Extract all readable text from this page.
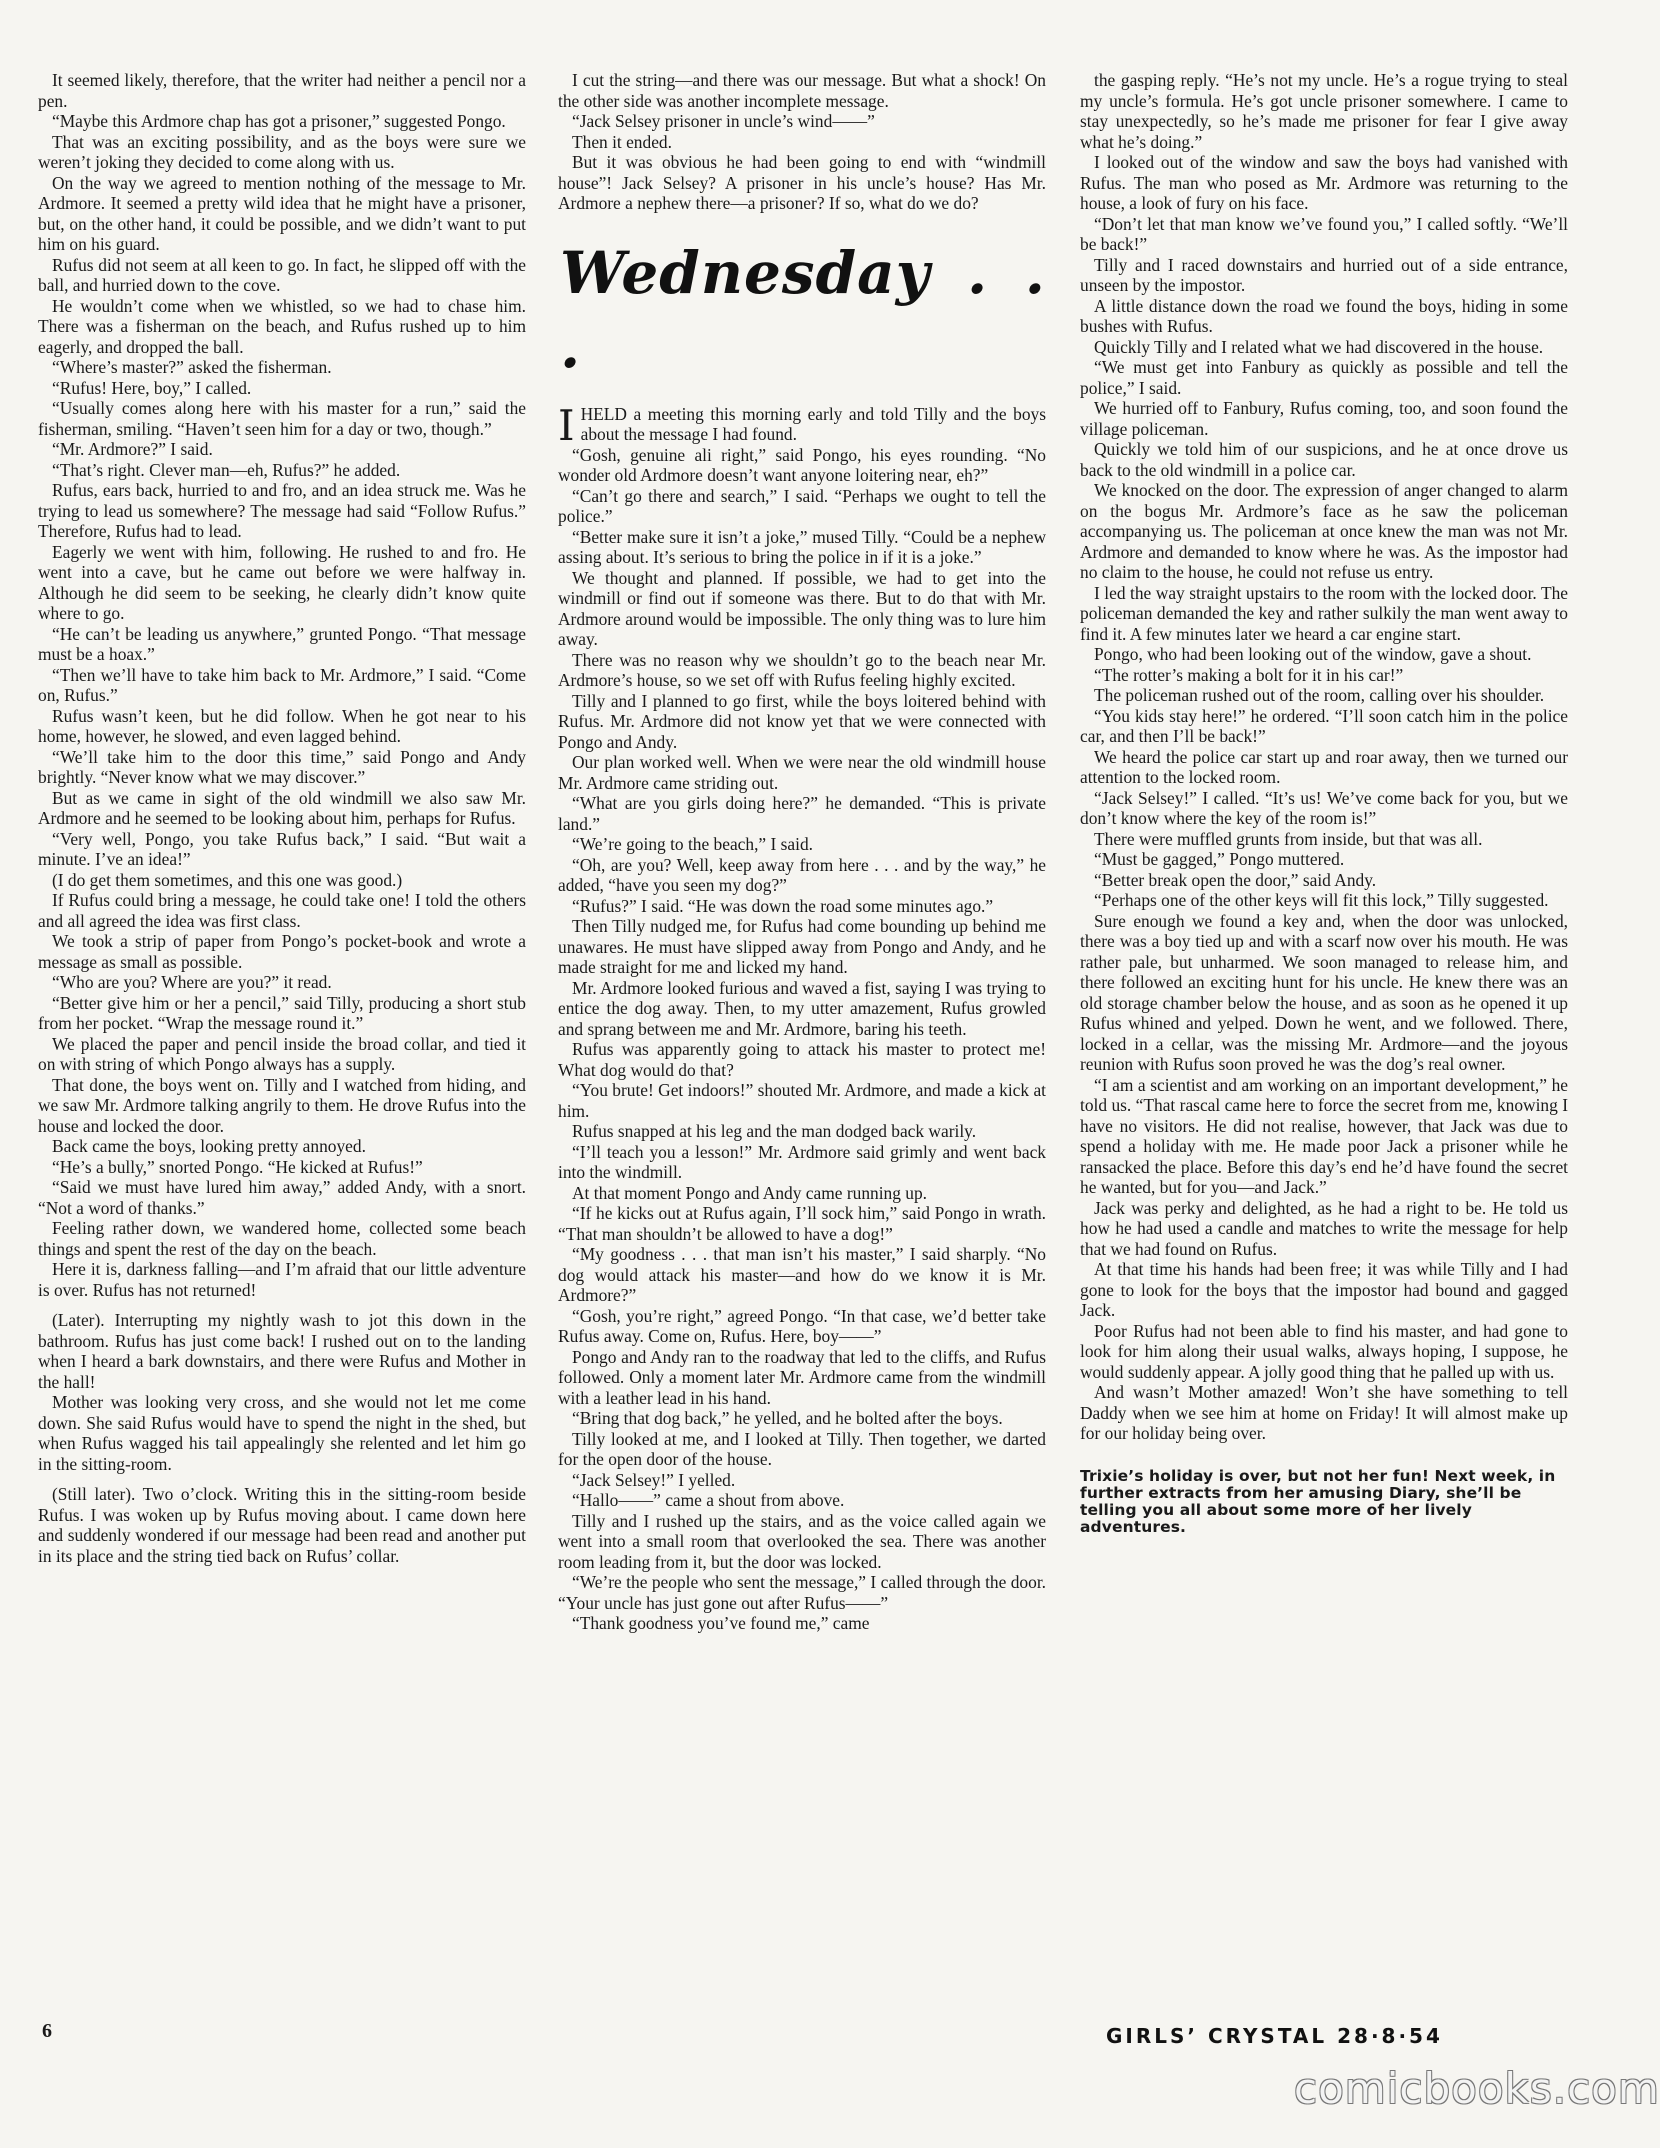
It seemed likely, therefore, that the writer had neither a pencil nor a pen.

“Maybe this Ardmore chap has got a prisoner,” suggested Pongo.

That was an exciting possibility, and as the boys were sure we weren’t joking they decided to come along with us.

On the way we agreed to mention nothing of the message to Mr. Ardmore. It seemed a pretty wild idea that he might have a prisoner, but, on the other hand, it could be possible, and we didn’t want to put him on his guard.

Rufus did not seem at all keen to go. In fact, he slipped off with the ball, and hurried down to the cove.

He wouldn’t come when we whistled, so we had to chase him. There was a fisherman on the beach, and Rufus rushed up to him eagerly, and dropped the ball.

“Where’s master?” asked the fisherman.

“Rufus! Here, boy,” I called.

“Usually comes along here with his master for a run,” said the fisherman, smiling. “Haven’t seen him for a day or two, though.”

“Mr. Ardmore?” I said.

“That’s right. Clever man—eh, Rufus?” he added.

Rufus, ears back, hurried to and fro, and an idea struck me. Was he trying to lead us somewhere? The message had said “Follow Rufus.” Therefore, Rufus had to lead.

Eagerly we went with him, following. He rushed to and fro. He went into a cave, but he came out before we were halfway in. Although he did seem to be seeking, he clearly didn’t know quite where to go.

“He can’t be leading us anywhere,” grunted Pongo. “That message must be a hoax.”

“Then we’ll have to take him back to Mr. Ardmore,” I said. “Come on, Rufus.”

Rufus wasn’t keen, but he did follow. When he got near to his home, however, he slowed, and even lagged behind.

“We’ll take him to the door this time,” said Pongo and Andy brightly. “Never know what we may discover.”

But as we came in sight of the old windmill we also saw Mr. Ardmore and he seemed to be looking about him, perhaps for Rufus.

“Very well, Pongo, you take Rufus back,” I said. “But wait a minute. I’ve an idea!”

(I do get them sometimes, and this one was good.)

If Rufus could bring a message, he could take one! I told the others and all agreed the idea was first class.

We took a strip of paper from Pongo’s pocket-book and wrote a message as small as possible.

“Who are you? Where are you?” it read.

“Better give him or her a pencil,” said Tilly, producing a short stub from her pocket. “Wrap the message round it.”

We placed the paper and pencil inside the broad collar, and tied it on with string of which Pongo always has a supply.

That done, the boys went on. Tilly and I watched from hiding, and we saw Mr. Ardmore talking angrily to them. He drove Rufus into the house and locked the door.

Back came the boys, looking pretty annoyed.

“He’s a bully,” snorted Pongo. “He kicked at Rufus!”

“Said we must have lured him away,” added Andy, with a snort. “Not a word of thanks.”

Feeling rather down, we wandered home, collected some beach things and spent the rest of the day on the beach.

Here it is, darkness falling—and I’m afraid that our little adventure is over. Rufus has not returned!

(Later). Interrupting my nightly wash to jot this down in the bathroom. Rufus has just come back! I rushed out on to the landing when I heard a bark downstairs, and there were Rufus and Mother in the hall!

Mother was looking very cross, and she would not let me come down. She said Rufus would have to spend the night in the shed, but when Rufus wagged his tail appealingly she relented and let him go in the sitting-room.

(Still later). Two o’clock. Writing this in the sitting-room beside Rufus. I was woken up by Rufus moving about. I came down here and suddenly wondered if our message had been read and another put in its place and the string tied back on Rufus’ collar.

I cut the string—and there was our message. But what a shock! On the other side was another incomplete message.

“Jack Selsey prisoner in uncle’s wind——”

Then it ended.

But it was obvious he had been going to end with “windmill house”! Jack Selsey? A prisoner in his uncle’s house? Has Mr. Ardmore a nephew there—a prisoner? If so, what do we do?

Wednesday . . .

IHELD a meeting this morning early and told Tilly and the boys about the message I had found.

“Gosh, genuine ali right,” said Pongo, his eyes rounding. “No wonder old Ardmore doesn’t want anyone loitering near, eh?”

“Can’t go there and search,” I said. “Perhaps we ought to tell the police.”

“Better make sure it isn’t a joke,” mused Tilly. “Could be a nephew assing about. It’s serious to bring the police in if it is a joke.”

We thought and planned. If possible, we had to get into the windmill or find out if someone was there. But to do that with Mr. Ardmore around would be impossible. The only thing was to lure him away.

There was no reason why we shouldn’t go to the beach near Mr. Ardmore’s house, so we set off with Rufus feeling highly excited.

Tilly and I planned to go first, while the boys loitered behind with Rufus. Mr. Ardmore did not know yet that we were connected with Pongo and Andy.

Our plan worked well. When we were near the old windmill house Mr. Ardmore came striding out.

“What are you girls doing here?” he demanded. “This is private land.”

“We’re going to the beach,” I said.

“Oh, are you? Well, keep away from here . . . and by the way,” he added, “have you seen my dog?”

“Rufus?” I said. “He was down the road some minutes ago.”

Then Tilly nudged me, for Rufus had come bounding up behind me unawares. He must have slipped away from Pongo and Andy, and he made straight for me and licked my hand.

Mr. Ardmore looked furious and waved a fist, saying I was trying to entice the dog away. Then, to my utter amazement, Rufus growled and sprang between me and Mr. Ardmore, baring his teeth.

Rufus was apparently going to attack his master to protect me! What dog would do that?

“You brute! Get indoors!” shouted Mr. Ardmore, and made a kick at him.

Rufus snapped at his leg and the man dodged back warily.

“I’ll teach you a lesson!” Mr. Ardmore said grimly and went back into the windmill.

At that moment Pongo and Andy came running up.

“If he kicks out at Rufus again, I’ll sock him,” said Pongo in wrath. “That man shouldn’t be allowed to have a dog!”

“My goodness . . . that man isn’t his master,” I said sharply. “No dog would attack his master—and how do we know it is Mr. Ardmore?”

“Gosh, you’re right,” agreed Pongo. “In that case, we’d better take Rufus away. Come on, Rufus. Here, boy——”

Pongo and Andy ran to the roadway that led to the cliffs, and Rufus followed. Only a moment later Mr. Ardmore came from the windmill with a leather lead in his hand.

“Bring that dog back,” he yelled, and he bolted after the boys.

Tilly looked at me, and I looked at Tilly. Then together, we darted for the open door of the house.

“Jack Selsey!” I yelled.

“Hallo——” came a shout from above.

Tilly and I rushed up the stairs, and as the voice called again we went into a small room that overlooked the sea. There was another room leading from it, but the door was locked.

“We’re the people who sent the message,” I called through the door. “Your uncle has just gone out after Rufus——”

“Thank goodness you’ve found me,” came

the gasping reply. “He’s not my uncle. He’s a rogue trying to steal my uncle’s formula. He’s got uncle prisoner somewhere. I came to stay unexpectedly, so he’s made me prisoner for fear I give away what he’s doing.”

I looked out of the window and saw the boys had vanished with Rufus. The man who posed as Mr. Ardmore was returning to the house, a look of fury on his face.

“Don’t let that man know we’ve found you,” I called softly. “We’ll be back!”

Tilly and I raced downstairs and hurried out of a side entrance, unseen by the impostor.

A little distance down the road we found the boys, hiding in some bushes with Rufus.

Quickly Tilly and I related what we had discovered in the house.

“We must get into Fanbury as quickly as possible and tell the police,” I said.

We hurried off to Fanbury, Rufus coming, too, and soon found the village policeman.

Quickly we told him of our suspicions, and he at once drove us back to the old windmill in a police car.

We knocked on the door. The expression of anger changed to alarm on the bogus Mr. Ardmore’s face as he saw the policeman accompanying us. The policeman at once knew the man was not Mr. Ardmore and demanded to know where he was. As the impostor had no claim to the house, he could not refuse us entry.

I led the way straight upstairs to the room with the locked door. The policeman demanded the key and rather sulkily the man went away to find it. A few minutes later we heard a car engine start.

Pongo, who had been looking out of the window, gave a shout.

“The rotter’s making a bolt for it in his car!”

The policeman rushed out of the room, calling over his shoulder.

“You kids stay here!” he ordered. “I’ll soon catch him in the police car, and then I’ll be back!”

We heard the police car start up and roar away, then we turned our attention to the locked room.

“Jack Selsey!” I called. “It’s us! We’ve come back for you, but we don’t know where the key of the room is!”

There were muffled grunts from inside, but that was all.

“Must be gagged,” Pongo muttered.

“Better break open the door,” said Andy.

“Perhaps one of the other keys will fit this lock,” Tilly suggested.

Sure enough we found a key and, when the door was unlocked, there was a boy tied up and with a scarf now over his mouth. He was rather pale, but unharmed. We soon managed to release him, and there followed an exciting hunt for his uncle. He knew there was an old storage chamber below the house, and as soon as he opened it up Rufus whined and yelped. Down he went, and we followed. There, locked in a cellar, was the missing Mr. Ardmore—and the joyous reunion with Rufus soon proved he was the dog’s real owner.

“I am a scientist and am working on an important development,” he told us. “That rascal came here to force the secret from me, knowing I have no visitors. He did not realise, however, that Jack was due to spend a holiday with me. He made poor Jack a prisoner while he ransacked the place. Before this day’s end he’d have found the secret he wanted, but for you—and Jack.”

Jack was perky and delighted, as he had a right to be. He told us how he had used a candle and matches to write the message for help that we had found on Rufus.

At that time his hands had been free; it was while Tilly and I had gone to look for the boys that the impostor had bound and gagged Jack.

Poor Rufus had not been able to find his master, and had gone to look for him along their usual walks, always hoping, I suppose, he would suddenly appear. A jolly good thing that he palled up with us.

And wasn’t Mother amazed! Won’t she have something to tell Daddy when we see him at home on Friday! It will almost make up for our holiday being over.

Trixie’s holiday is over, but not her fun! Next week, in further extracts from her amusing Diary, she’ll be telling you all about some more of her lively adventures.
6	GIRLS’ CRYSTAL 28·8·54
comicbooks.com
